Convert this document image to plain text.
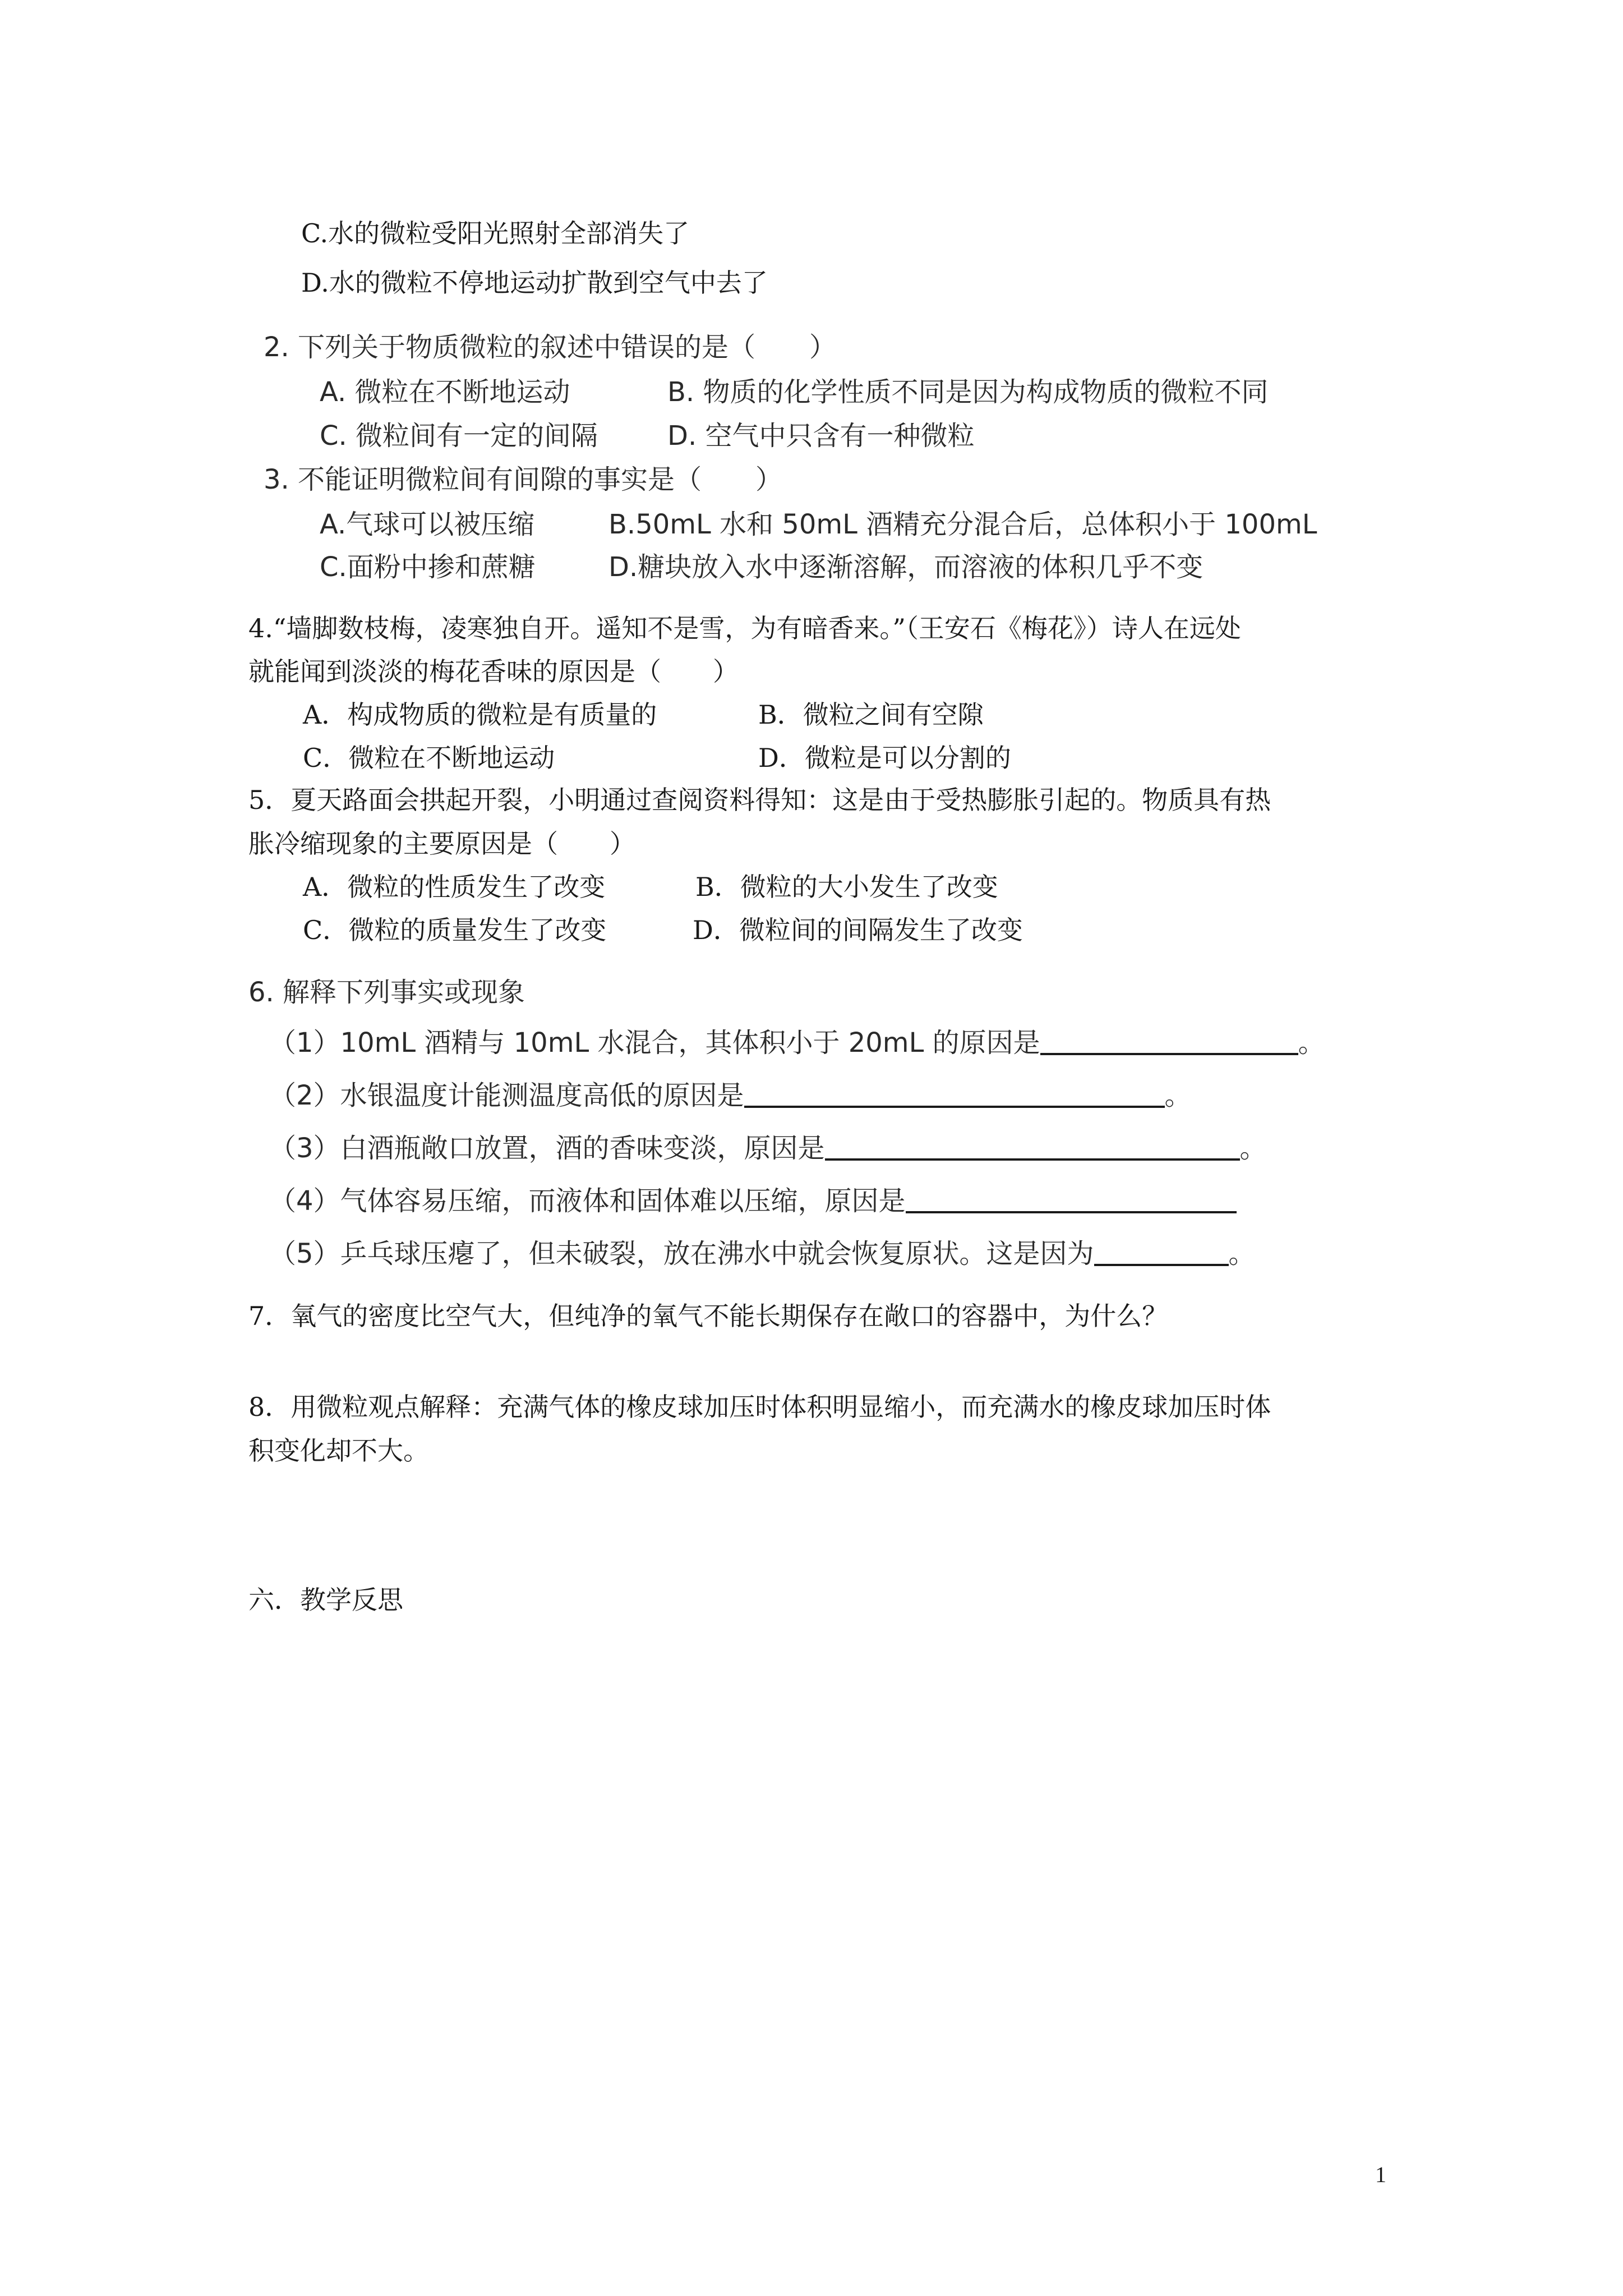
C.水的微粒受阳光照射全部消失了
D.水的微粒不停地运动扩散到空气中去了
2. 下列关于物质微粒的叙述中错误的是（　　）
A. 微粒在不断地运动	B. 物质的化学性质不同是因为构成物质的微粒不同
C. 微粒间有一定的间隔	D. 空气中只含有一种微粒
3. 不能证明微粒间有间隙的事实是（　　）
A.气球可以被压缩	B.50mL 水和 50mL 酒精充分混合后，总体积小于 100mL
C.面粉中掺和蔗糖	D.糖块放入水中逐渐溶解，而溶液的体积几乎不变
4.“墙脚数枝梅，凌寒独自开。遥知不是雪，为有暗香来。”（王安石《梅花》）诗人在远处
就能闻到淡淡的梅花香味的原因是（　　）
A．构成物质的微粒是有质量的	B．微粒之间有空隙
C．微粒在不断地运动	D．微粒是可以分割的
5．夏天路面会拱起开裂，小明通过查阅资料得知：这是由于受热膨胀引起的。物质具有热
胀冷缩现象的主要原因是（　　）
A．微粒的性质发生了改变	B．微粒的大小发生了改变
C．微粒的质量发生了改变	D．微粒间的间隔发生了改变
6. 解释下列事实或现象
（1）10mL 酒精与 10mL 水混合，其体积小于 20mL 的原因是	。
（2）水银温度计能测温度高低的原因是	。
（3）白酒瓶敞口放置，酒的香味变淡，原因是	。
（4）气体容易压缩，而液体和固体难以压缩，原因是
（5）乒乓球压瘪了，但未破裂，放在沸水中就会恢复原状。这是因为	。
7．氧气的密度比空气大，但纯净的氧气不能长期保存在敞口的容器中，为什么？
8．用微粒观点解释：充满气体的橡皮球加压时体积明显缩小，而充满水的橡皮球加压时体
积变化却不大。
六．教学反思
1
